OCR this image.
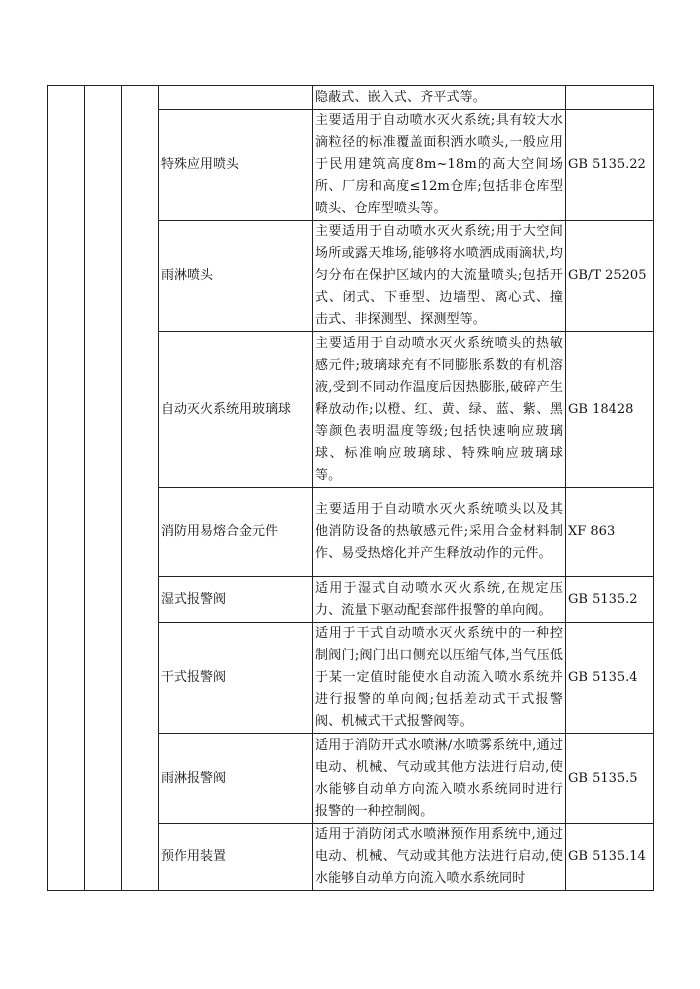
				隐蔽式、嵌入式、齐平式等。	
			特殊应用喷头	主要适用于自动喷水灭火系统;具有较大水滴粒径的标准覆盖面积洒水喷头,一般应用于民用建筑高度8m~18m的高大空间场所、厂房和高度≤12m仓库;包括非仓库型喷头、仓库型喷头等。	GB 5135.22
			雨淋喷头	主要适用于自动喷水灭火系统;用于大空间场所或露天堆场,能够将水喷洒成雨滴状,均匀分布在保护区域内的大流量喷头;包括开式、闭式、下垂型、边墙型、离心式、撞击式、非探测型、探测型等。	GB/T 25205
			自动灭火系统用玻璃球	主要适用于自动喷水灭火系统喷头的热敏感元件;玻璃球充有不同膨胀系数的有机溶液,受到不同动作温度后因热膨胀,破碎产生释放动作;以橙、红、黄、绿、蓝、紫、黑等颜色表明温度等级;包括快速响应玻璃球、标准响应玻璃球、特殊响应玻璃球等。	GB 18428
			消防用易熔合金元件	主要适用于自动喷水灭火系统喷头以及其他消防设备的热敏感元件;采用合金材料制作、易受热熔化并产生释放动作的元件。	XF 863
			湿式报警阀	适用于湿式自动喷水灭火系统,在规定压力、流量下驱动配套部件报警的单向阀。	GB 5135.2
			干式报警阀	适用于干式自动喷水灭火系统中的一种控制阀门;阀门出口侧充以压缩气体,当气压低于某一定值时能使水自动流入喷水系统并进行报警的单向阀;包括差动式干式报警阀、机械式干式报警阀等。	GB 5135.4
			雨淋报警阀	适用于消防开式水喷淋/水喷雾系统中,通过电动、机械、气动或其他方法进行启动,使水能够自动单方向流入喷水系统同时进行报警的一种控制阀。	GB 5135.5
			预作用装置	适用于消防闭式水喷淋预作用系统中,通过电动、机械、气动或其他方法进行启动,使水能够自动单方向流入喷水系统同时	GB 5135.14
